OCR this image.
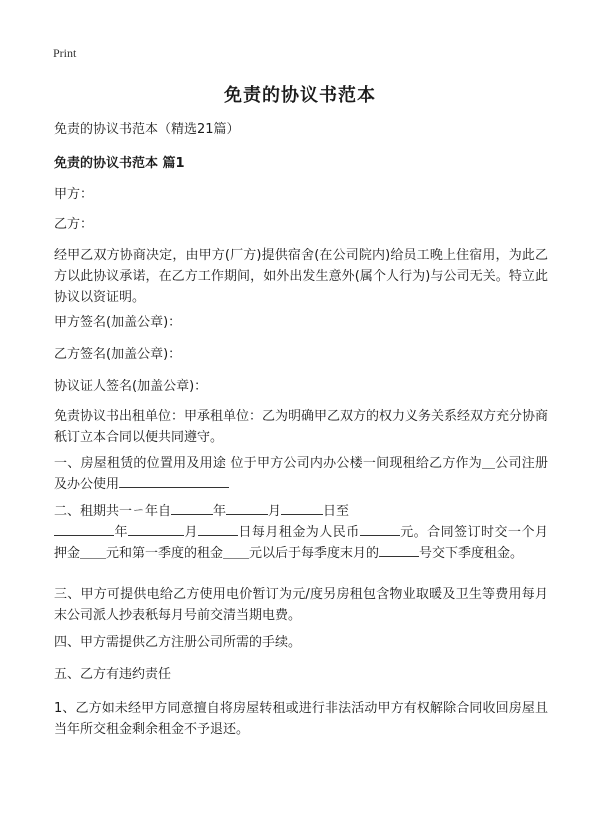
Print
免责的协议书范本

免责的协议书范本（精选21篇）

免责的协议书范本 篇1

甲方：

乙方：

经甲乙双方协商决定，由甲方(厂方)提供宿舍(在公司院内)给员工晚上住宿用，为此乙方以此协议承诺，在乙方工作期间，如外出发生意外(属个人行为)与公司无关。特立此协议以资证明。

甲方签名(加盖公章)：

乙方签名(加盖公章)：

协议证人签名(加盖公章)：

免责协议书出租单位：甲承租单位：乙为明确甲乙双方的权力义务关系经双方充分协商秖订立本合同以便共同遵守。

一、房屋租赁的位置用及用途 位于甲方公司内办公楼一间现租给乙方作为＿公司注册及办公使用

二、租期共一ㄧ年自	年	月	日至
年	月	日每月租金为人民币	元。合同签订时交一个月押金＿＿元和第一季度的租金＿＿元以后于每季度末月的	号交下季度租金。

三、甲方可提供电给乙方使用电价暂订为元/度另房租包含物业取暖及卫生等费用每月末公司派人抄表秖每月号前交清当期电费。

四、甲方需提供乙方注册公司所需的手续。

五、乙方有违约责任

1、乙方如未经甲方同意擅自将房屋转租或进行非法活动甲方有权解除合同收回房屋且当年所交租金剩余租金不予退还。
